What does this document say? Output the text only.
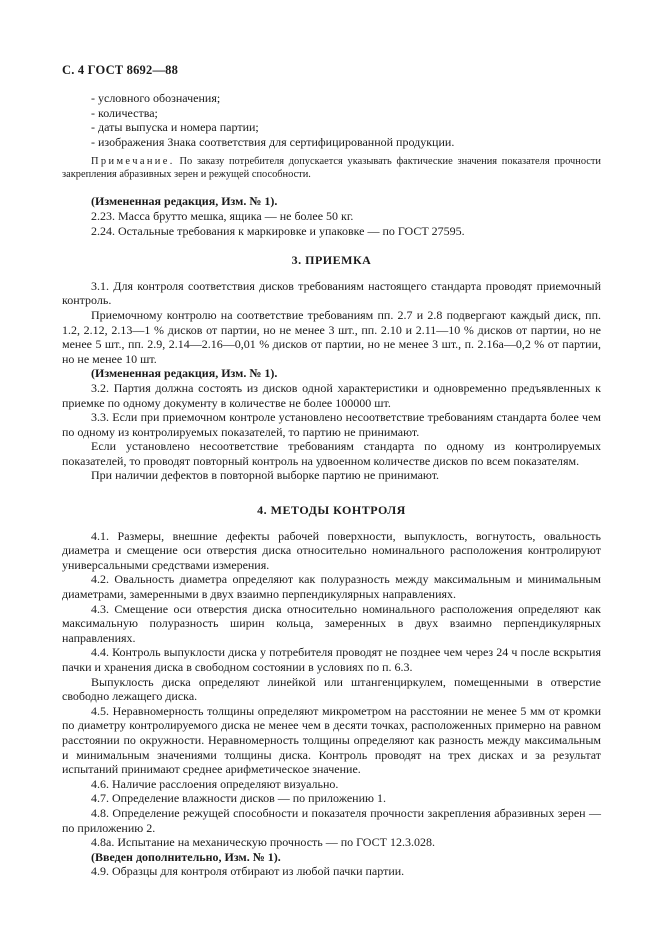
С. 4 ГОСТ 8692—88

- условного обозначения;

- количества;

- даты выпуска и номера партии;

- изображения Знака соответствия для сертифицированной продукции.

Примечание. По заказу потребителя допускается указывать фактические значения показателя прочности закрепления абразивных зерен и режущей способности.

(Измененная редакция, Изм. № 1).

2.23. Масса брутто мешка, ящика — не более 50 кг.

2.24. Остальные требования к маркировке и упаковке — по ГОСТ 27595.

3. ПРИЕМКА

3.1. Для контроля соответствия дисков требованиям настоящего стандарта проводят приемочный контроль.

Приемочному контролю на соответствие требованиям пп. 2.7 и 2.8 подвергают каждый диск, пп. 1.2, 2.12, 2.13—1 % дисков от партии, но не менее 3 шт., пп. 2.10 и 2.11—10 % дисков от партии, но не менее 5 шт., пп. 2.9, 2.14—2.16—0,01 % дисков от партии, но не менее 3 шт., п. 2.16а—0,2 % от партии, но не менее 10 шт.

(Измененная редакция, Изм. № 1).

3.2. Партия должна состоять из дисков одной характеристики и одновременно предъявленных к приемке по одному документу в количестве не более 100000 шт.

3.3. Если при приемочном контроле установлено несоответствие требованиям стандарта более чем по одному из контролируемых показателей, то партию не принимают.

Если установлено несоответствие требованиям стандарта по одному из контролируемых показателей, то проводят повторный контроль на удвоенном количестве дисков по всем показателям.

При наличии дефектов в повторной выборке партию не принимают.

4. МЕТОДЫ КОНТРОЛЯ

4.1. Размеры, внешние дефекты рабочей поверхности, выпуклость, вогнутость, овальность диаметра и смещение оси отверстия диска относительно номинального расположения контролируют универсальными средствами измерения.

4.2. Овальность диаметра определяют как полуразность между максимальным и минимальным диаметрами, замеренными в двух взаимно перпендикулярных направлениях.

4.3. Смещение оси отверстия диска относительно номинального расположения определяют как максимальную полуразность ширин кольца, замеренных в двух взаимно перпендикулярных направлениях.

4.4. Контроль выпуклости диска у потребителя проводят не позднее чем через 24 ч после вскрытия пачки и хранения диска в свободном состоянии в условиях по п. 6.3.

Выпуклость диска определяют линейкой или штангенциркулем, помещенными в отверстие свободно лежащего диска.

4.5. Неравномерность толщины определяют микрометром на расстоянии не менее 5 мм от кромки по диаметру контролируемого диска не менее чем в десяти точках, расположенных примерно на равном расстоянии по окружности. Неравномерность толщины определяют как разность между максимальным и минимальным значениями толщины диска. Контроль проводят на трех дисках и за результат испытаний принимают среднее арифметическое значение.

4.6. Наличие расслоения определяют визуально.

4.7. Определение влажности дисков — по приложению 1.

4.8. Определение режущей способности и показателя прочности закрепления абразивных зерен — по приложению 2.

4.8а. Испытание на механическую прочность — по ГОСТ 12.3.028.

(Введен дополнительно, Изм. № 1).

4.9. Образцы для контроля отбирают из любой пачки партии.
